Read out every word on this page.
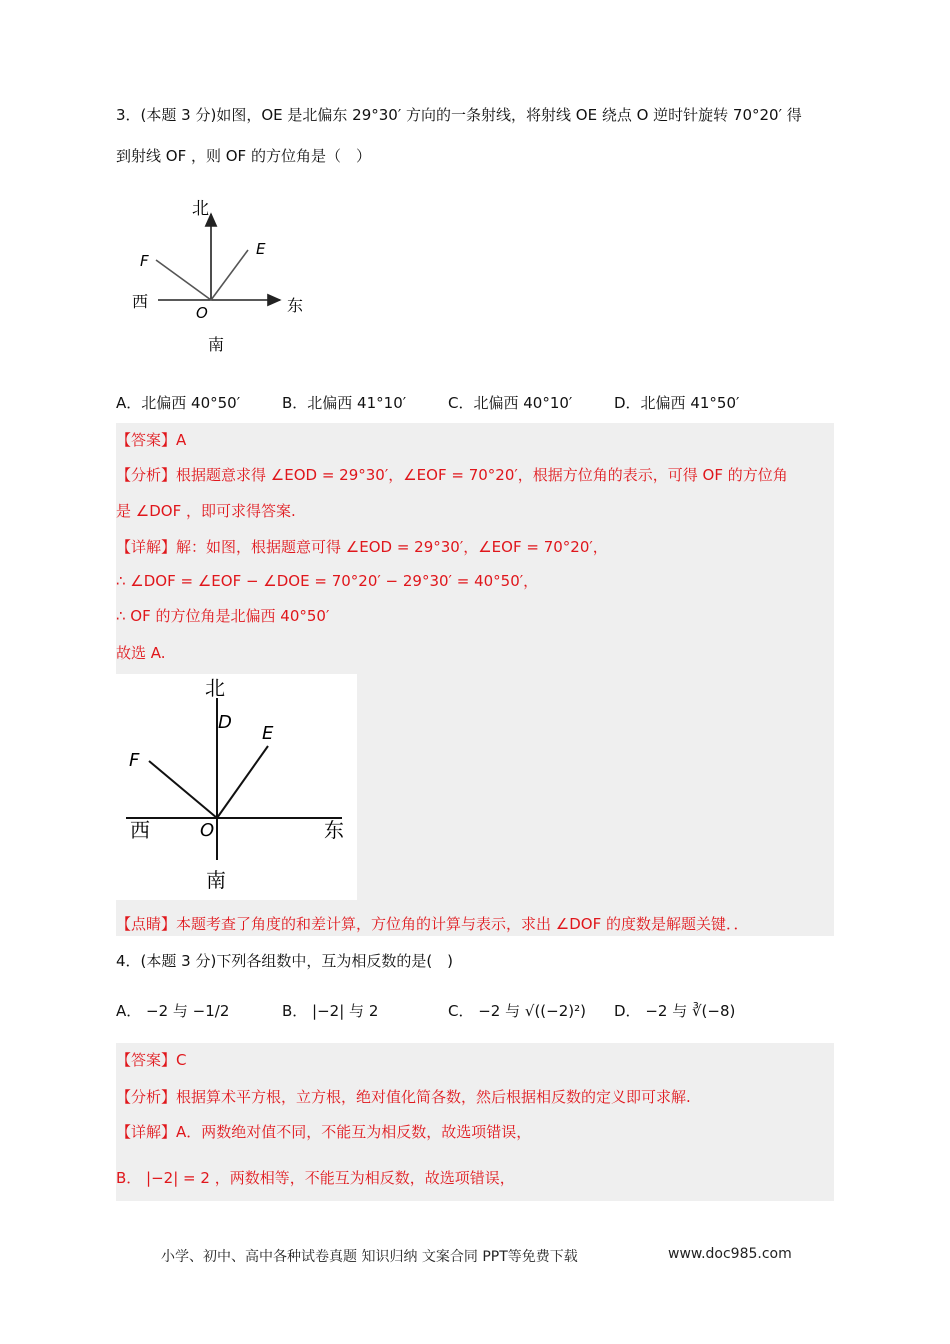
3．(本题 3 分)如图，OE 是北偏东 29°30′ 方向的一条射线，将射线 OE 绕点 O 逆时针旋转 70°20′ 得
到射线 OF ，则 OF 的方位角是（　）
北
西	东
南
O
E
F
A．北偏西 40°50′	B．北偏西 41°10′	C．北偏西 40°10′	D．北偏西 41°50′
【答案】A
【分析】根据题意求得 ∠EOD = 29°30′，∠EOF = 70°20′，根据方位角的表示，可得 OF 的方位角
是 ∠DOF ，即可求得答案.
【详解】解：如图，根据题意可得 ∠EOD = 29°30′，∠EOF = 70°20′，
∴ ∠DOF = ∠EOF − ∠DOE = 70°20′ − 29°30′ = 40°50′，
∴ OF 的方位角是北偏西 40°50′
故选 A.
北
西	东
南
O
D
E
F
【点睛】本题考查了角度的和差计算，方位角的计算与表示，求出 ∠DOF 的度数是解题关键．．
4．(本题 3 分)下列各组数中，互为相反数的是(　)
A． −2 与 −1/2	B． |−2| 与 2	C． −2 与 √((−2)²) D． −2 与 ∛(−8)
【答案】C
【分析】根据算术平方根，立方根，绝对值化简各数，然后根据相反数的定义即可求解.
【详解】A．两数绝对值不同，不能互为相反数，故选项错误，
B． |−2| = 2 ，两数相等，不能互为相反数，故选项错误，
小学、初中、高中各种试卷真题 知识归纳 文案合同 PPT等免费下载	www.doc985.com
